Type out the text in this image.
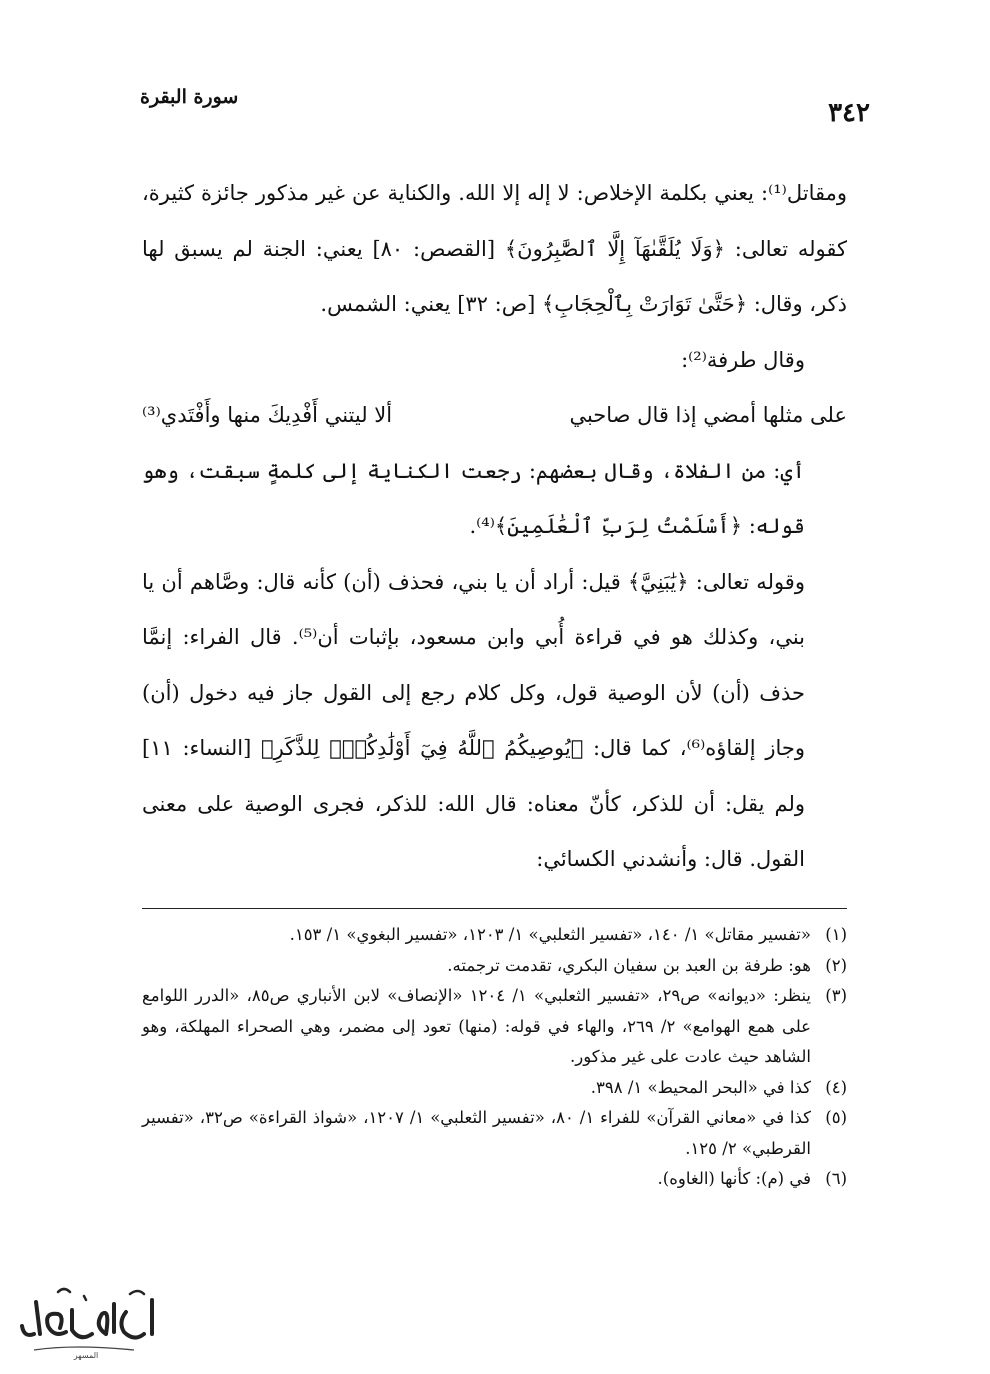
٣٤٢
سورة البقرة

ومقاتل⁽¹⁾: يعني بكلمة الإخلاص: لا إله إلا الله. والكناية عن غير مذكور جائزة كثيرة، كقوله تعالى: ﴿وَلَا يُلَقَّىٰهَآ إِلَّا ٱلصَّٰبِرُونَ﴾ [القصص: ٨٠] يعني: الجنة لم يسبق لها ذكر، وقال: ﴿حَتَّىٰ تَوَارَتْ بِٱلْحِجَابِ﴾ [ص: ٣٢] يعني: الشمس.

وقال طرفة⁽²⁾:

على مثلها أمضي إذا قال صاحبي
ألا ليتني أَفْدِيكَ منها وأَفْتَدي⁽³⁾

أي: من الفلاة، وقال بعضهم: رجعت الكناية إلى كلمةٍ سبقت، وهو قوله: ﴿أَسْلَمْتُ لِرَبِّ ٱلْعَٰلَمِينَ﴾⁽⁴⁾.

وقوله تعالى: ﴿يَٰبَنِيَّ﴾ قيل: أراد أن يا بني، فحذف (أن) كأنه قال: وصَّاهم أن يا بني، وكذلك هو في قراءة أُبي وابن مسعود، بإثبات أن⁽⁵⁾. قال الفراء: إنمَّا حذف (أن) لأن الوصية قول، وكل كلام رجع إلى القول جاز فيه دخول (أن) وجاز إلقاؤه⁽⁶⁾، كما قال: ﴿يُوصِيكُمُ ٱللَّهُ فِيٓ أَوْلَٰدِكُمْۖ لِلذَّكَرِ﴾ [النساء: ١١] ولم يقل: أن للذكر، كأنّ معناه: قال الله: للذكر، فجرى الوصية على معنى القول. قال: وأنشدني الكسائي:

(١)
«تفسير مقاتل» ١/ ١٤٠، «تفسير الثعلبي» ١/ ١٢٠٣، «تفسير البغوي» ١/ ١٥٣.
(٢)
هو: طرفة بن العبد بن سفيان البكري، تقدمت ترجمته.
(٣)
ينظر: «ديوانه» ص٢٩، «تفسير الثعلبي» ١/ ١٢٠٤ «الإنصاف» لابن الأنباري ص٨٥، «الدرر اللوامع على همع الهوامع» ٢/ ٢٦٩، والهاء في قوله: (منها) تعود إلى مضمر، وهي الصحراء المهلكة، وهو الشاهد حيث عادت على غير مذكور.
(٤)
كذا في «البحر المحيط» ١/ ٣٩٨.
(٥)
كذا في «معاني القرآن» للفراء ١/ ٨٠، «تفسير الثعلبي» ١/ ١٢٠٧، «شواذ القراءة» ص٣٢، «تفسير القرطبي» ٢/ ١٢٥.
(٦)
في (م): كأنها (الغاوه).
المسهر
